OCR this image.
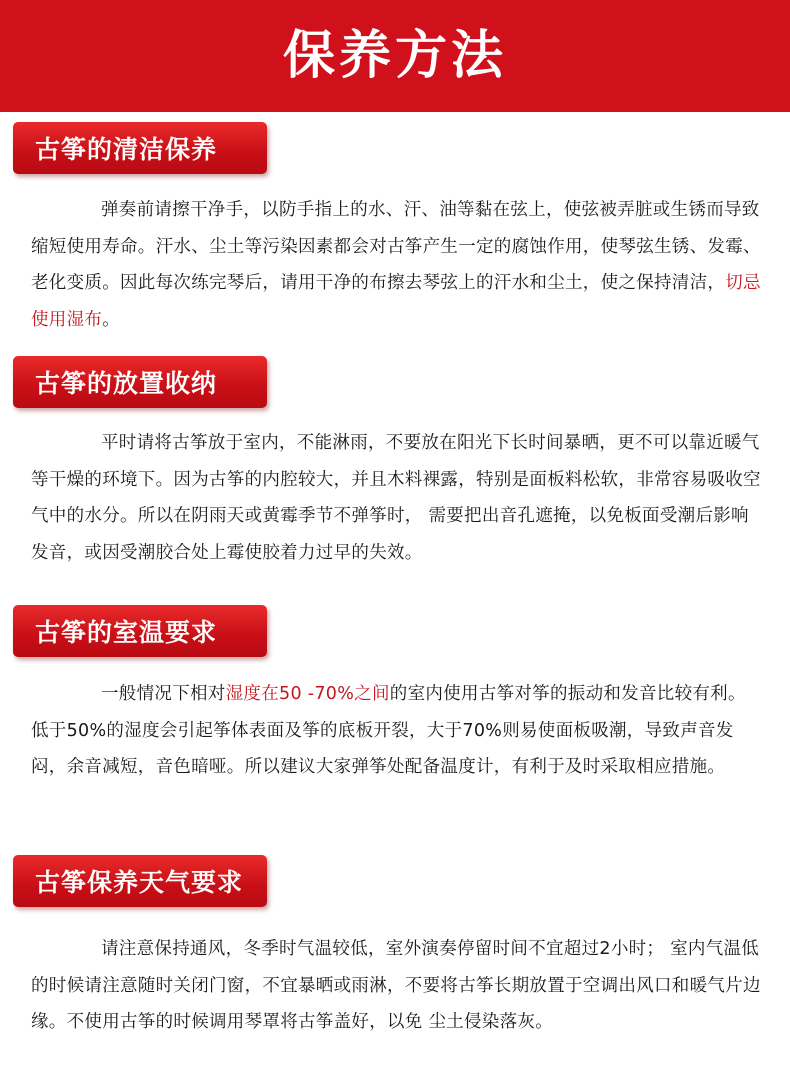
保养方法
古筝的清洁保养

弹奏前请擦干净手，以防手指上的水、汗、油等黏在弦上，使弦被弄脏或生锈而导致缩短使用寿命。汗水、尘土等污染因素都会对古筝产生一定的腐蚀作用，使琴弦生锈、发霉、老化变质。因此每次练完琴后，请用干净的布擦去琴弦上的汗水和尘土，使之保持清洁，切忌使用湿布。

古筝的放置收纳

平时请将古筝放于室内，不能淋雨，不要放在阳光下长时间暴晒，更不可以靠近暖气等干燥的环境下。因为古筝的内腔较大，并且木料裸露，特别是面板料松软，非常容易吸收空气中的水分。所以在阴雨天或黄霉季节不弹筝时， 需要把出音孔遮掩，以免板面受潮后影响发音，或因受潮胶合处上霉使胶着力过早的失效。

古筝的室温要求

一般情况下相对湿度在50 -70%之间的室内使用古筝对筝的振动和发音比较有利。低于50%的湿度会引起筝体表面及筝的底板开裂，大于70%则易使面板吸潮，导致声音发闷，余音减短，音色暗哑。所以建议大家弹筝处配备温度计，有利于及时采取相应措施。

古筝保养天气要求

请注意保持通风，冬季时气温较低，室外演奏停留时间不宜超过2小时； 室内气温低的时候请注意随时关闭门窗，不宜暴晒或雨淋，不要将古筝长期放置于空调出风口和暖气片边缘。不使用古筝的时候调用琴罩将古筝盖好，以免 尘土侵染落灰。
